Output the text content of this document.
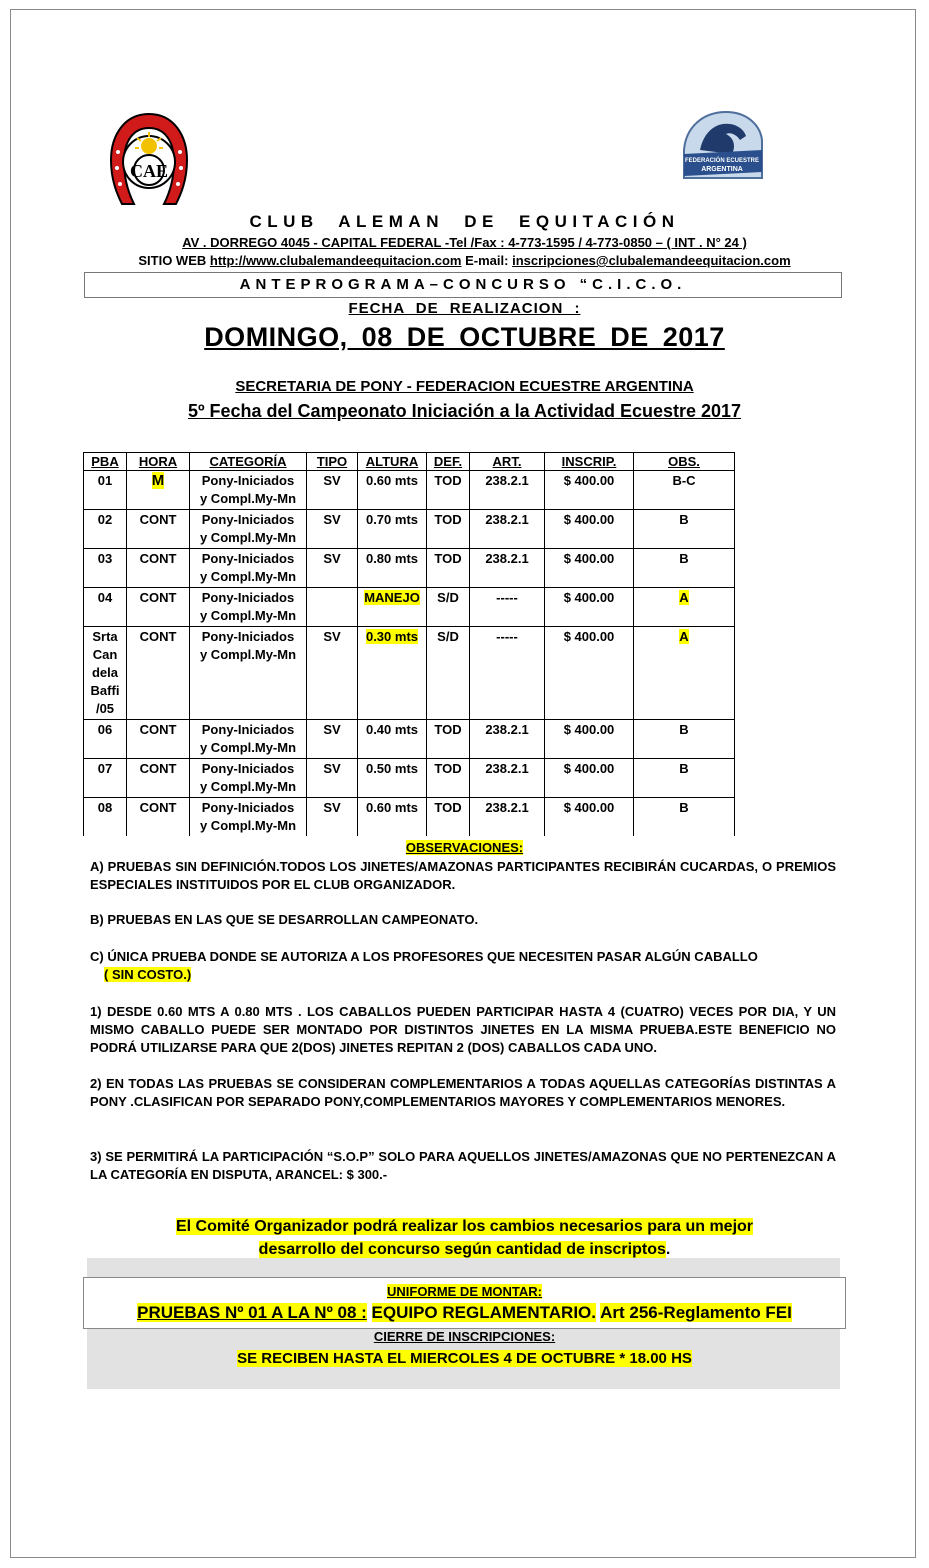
CAE	FEDERACIÓN ECUESTRE
ARGENTINA
CLUB ALEMAN DE EQUITACIÓN
AV . DORREGO 4045 - CAPITAL FEDERAL -Tel /Fax : 4-773-1595 / 4-773-0850 – ( INT . N° 24 )
SITIO WEB http://www.clubalemandeequitacion.com E-mail: inscripciones@clubalemandeequitacion.com
ANTEPROGRAMA–CONCURSO “C.I.C.O.
FECHA DE REALIZACION :
DOMINGO, 08 DE OCTUBRE DE 2017
SECRETARIA DE PONY - FEDERACION ECUESTRE ARGENTINA
5º Fecha del Campeonato Iniciación a la Actividad Ecuestre 2017
PBA	HORA	CATEGORÍA	TIPO	ALTURA	DEF.	ART.	INSCRIP.	OBS.
01	M	Pony-Iniciados
y Compl.My-Mn	SV	0.60 mts	TOD	238.2.1	$ 400.00	B-C
02	CONT	Pony-Iniciados
y Compl.My-Mn	SV	0.70 mts	TOD	238.2.1	$ 400.00	B
03	CONT	Pony-Iniciados
y Compl.My-Mn	SV	0.80 mts	TOD	238.2.1	$ 400.00	B
04	CONT	Pony-Iniciados
y Compl.My-Mn		MANEJO	S/D	-----	$ 400.00	A
Srta
Can
dela
Baffi
/05	CONT	Pony-Iniciados
y Compl.My-Mn	SV	0.30 mts	S/D	-----	$ 400.00	A
06	CONT	Pony-Iniciados
y Compl.My-Mn	SV	0.40 mts	TOD	238.2.1	$ 400.00	B
07	CONT	Pony-Iniciados
y Compl.My-Mn	SV	0.50 mts	TOD	238.2.1	$ 400.00	B
08	CONT	Pony-Iniciados
y Compl.My-Mn	SV	0.60 mts	TOD	238.2.1	$ 400.00	B
OBSERVACIONES:
A) PRUEBAS SIN DEFINICIÓN.TODOS LOS JINETES/AMAZONAS PARTICIPANTES RECIBIRÁN CUCARDAS, O PREMIOS ESPECIALES INSTITUIDOS POR EL CLUB ORGANIZADOR.
B) PRUEBAS EN LAS QUE SE DESARROLLAN CAMPEONATO.
C) ÚNICA PRUEBA DONDE SE AUTORIZA A LOS PROFESORES QUE NECESITEN PASAR ALGÚN CABALLO
( SIN COSTO.)
1) DESDE 0.60 MTS A 0.80 MTS . LOS CABALLOS PUEDEN PARTICIPAR HASTA 4 (CUATRO) VECES POR DIA, Y UN MISMO CABALLO PUEDE SER MONTADO POR DISTINTOS JINETES EN LA MISMA PRUEBA.ESTE BENEFICIO NO PODRÁ UTILIZARSE PARA QUE 2(DOS) JINETES REPITAN 2 (DOS) CABALLOS CADA UNO.
2) EN TODAS LAS PRUEBAS SE CONSIDERAN COMPLEMENTARIOS A TODAS AQUELLAS CATEGORÍAS DISTINTAS A PONY .CLASIFICAN POR SEPARADO PONY,COMPLEMENTARIOS MAYORES Y COMPLEMENTARIOS MENORES.
3) SE PERMITIRÁ LA PARTICIPACIÓN “S.O.P” SOLO PARA AQUELLOS JINETES/AMAZONAS QUE NO PERTENEZCAN A LA CATEGORÍA EN DISPUTA, ARANCEL: $ 300.-
El Comité Organizador podrá realizar los cambios necesarios para un mejor
desarrollo del concurso según cantidad de inscriptos.
UNIFORME DE MONTAR:
PRUEBAS Nº 01 A LA Nº 08 : EQUIPO REGLAMENTARIO. Art 256-Reglamento FEI
CIERRE DE INSCRIPCIONES:
SE RECIBEN HASTA EL MIERCOLES 4 DE OCTUBRE * 18.00 HS
